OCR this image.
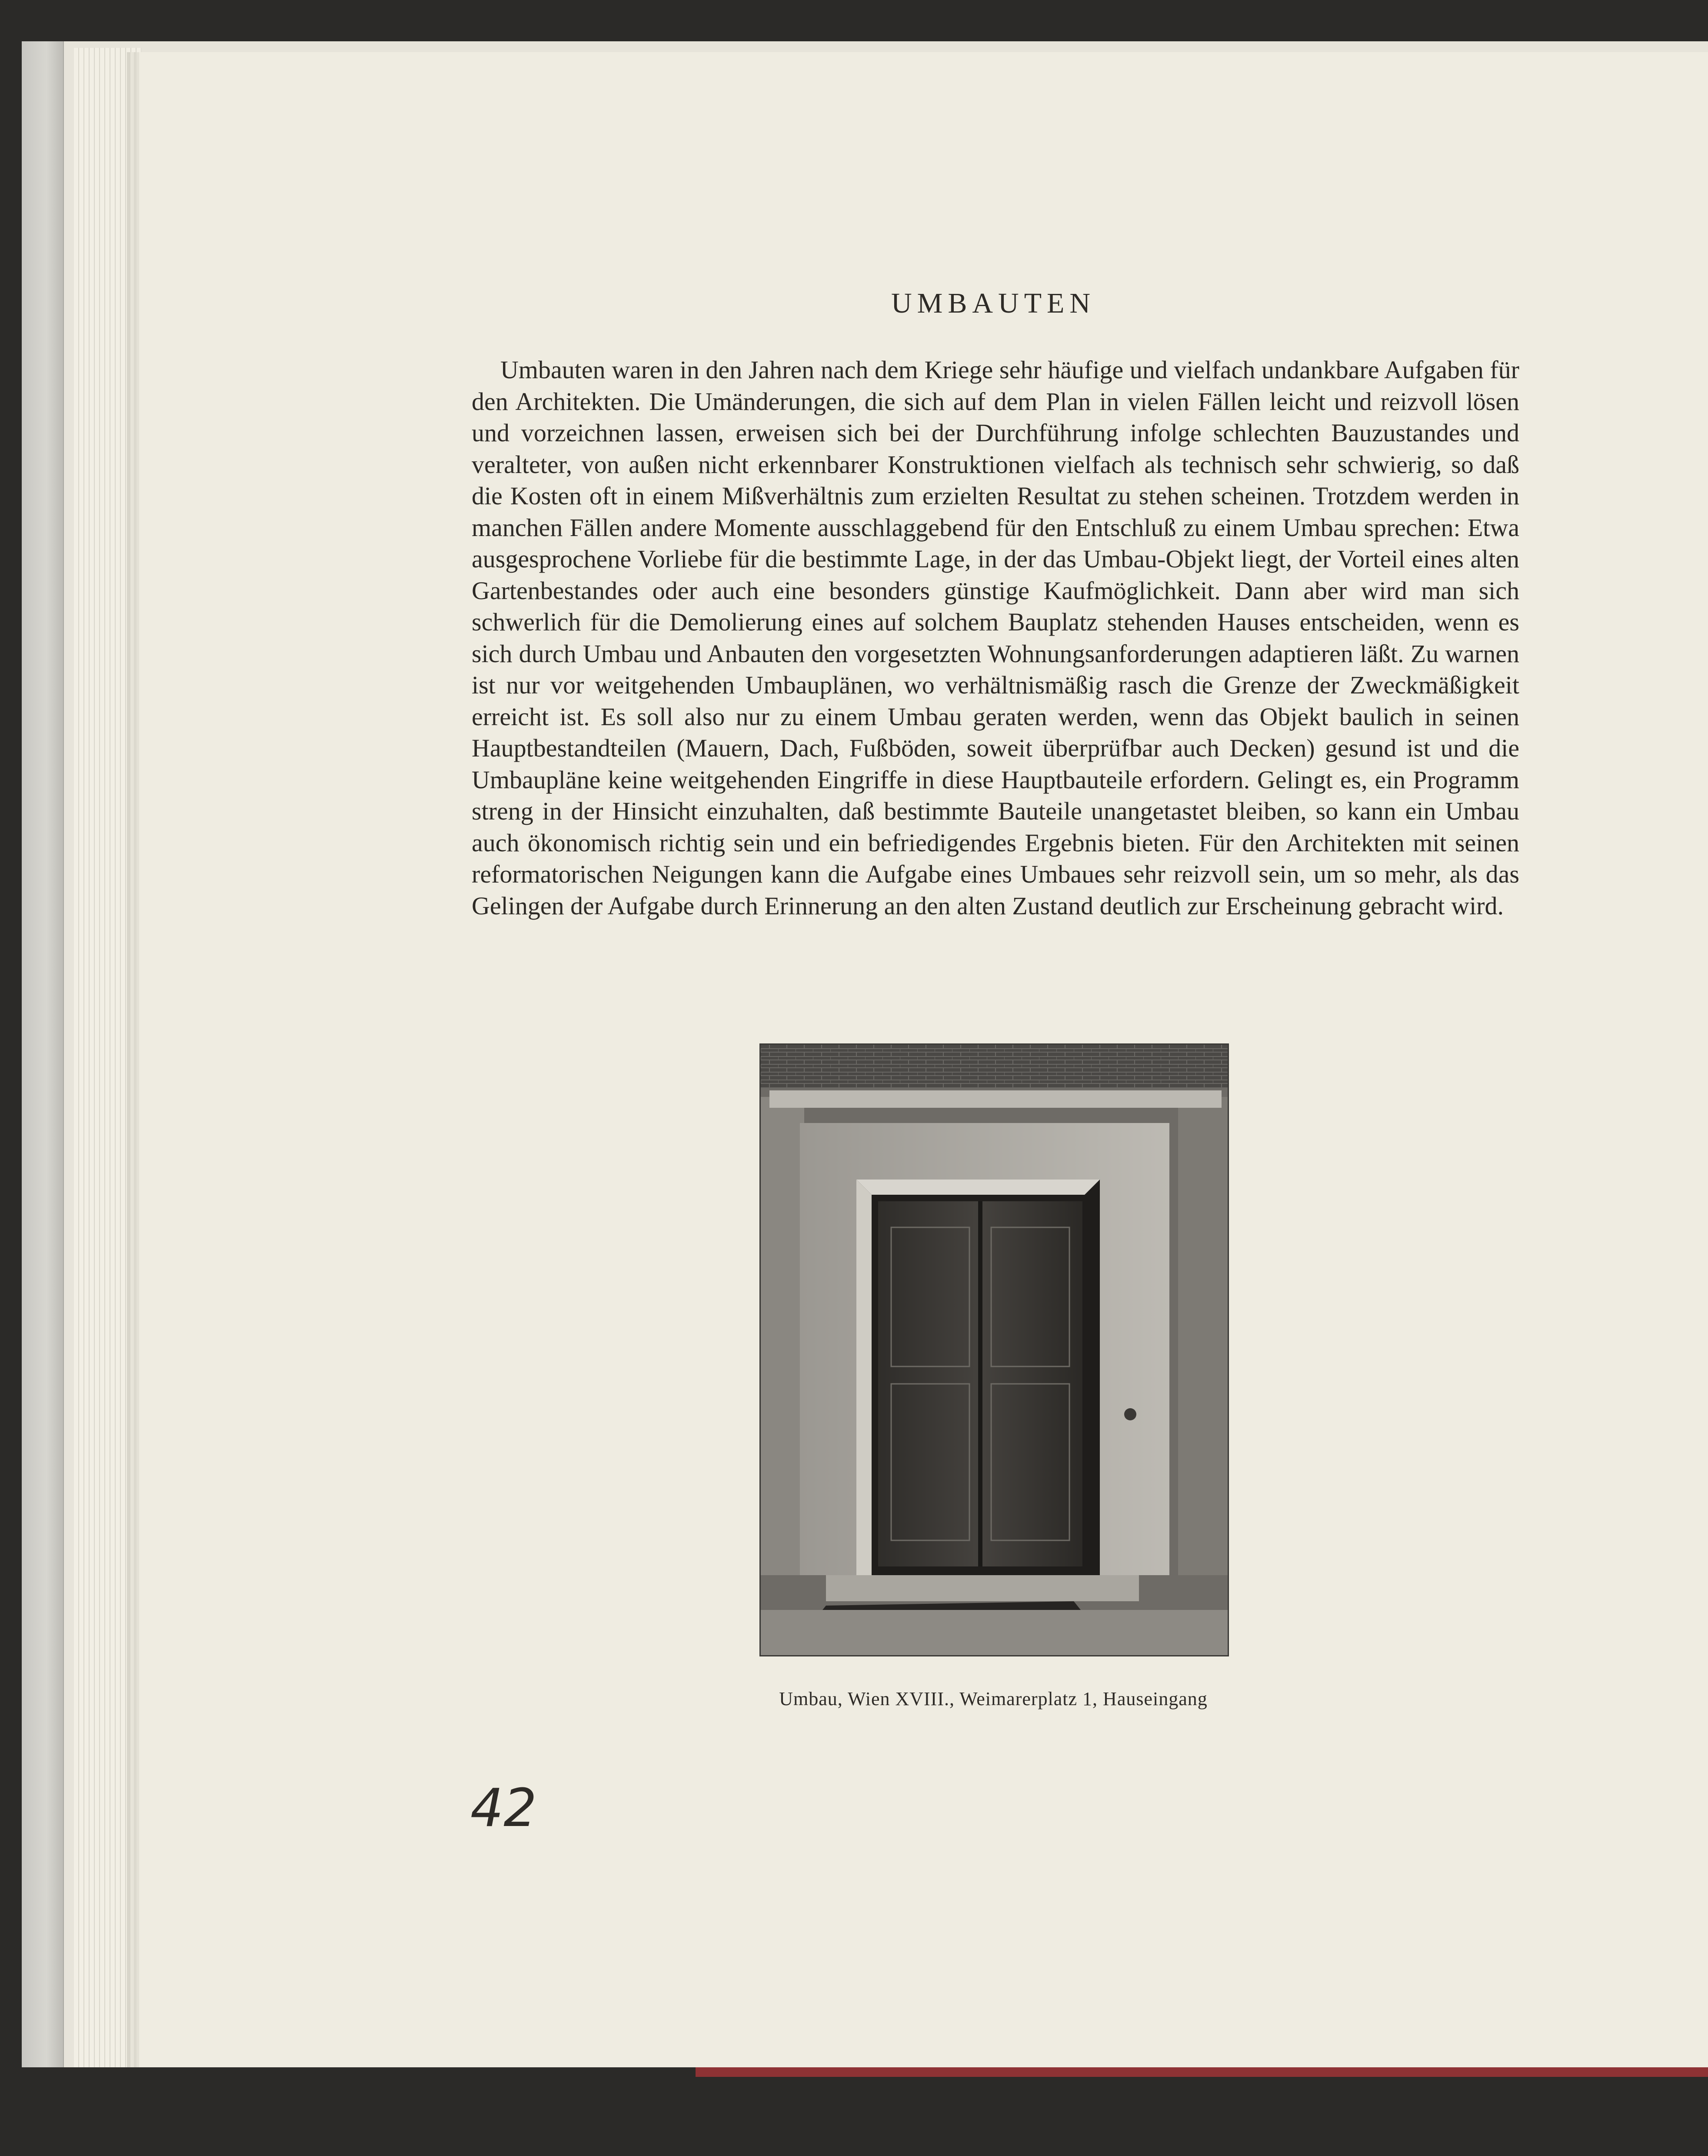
UMBAUTEN

Umbauten waren in den Jahren nach dem Kriege sehr häufige und vielfach undankbare Aufgaben für den Architekten. Die Umänderungen, die sich auf dem Plan in vielen Fällen leicht und reizvoll lösen und vorzeichnen lassen, erweisen sich bei der Durchführung infolge schlechten Bauzustandes und veralteter, von außen nicht erkennbarer Konstruktionen vielfach als technisch sehr schwierig, so daß die Kosten oft in einem Mißverhältnis zum erzielten Resultat zu stehen scheinen. Trotzdem werden in manchen Fällen andere Momente ausschlaggebend für den Entschluß zu einem Umbau sprechen: Etwa ausgesprochene Vorliebe für die bestimmte Lage, in der das Umbau-Objekt liegt, der Vorteil eines alten Gartenbestandes oder auch eine besonders günstige Kaufmöglichkeit. Dann aber wird man sich schwerlich für die Demolierung eines auf solchem Bauplatz stehenden Hauses entscheiden, wenn es sich durch Umbau und Anbauten den vorgesetzten Wohnungsanforderungen adaptieren läßt. Zu warnen ist nur vor weitgehenden Umbauplänen, wo verhältnismäßig rasch die Grenze der Zweckmäßigkeit erreicht ist. Es soll also nur zu einem Umbau geraten werden, wenn das Objekt baulich in seinen Hauptbestandteilen (Mauern, Dach, Fußböden, soweit überprüfbar auch Decken) gesund ist und die Umbaupläne keine weitgehenden Eingriffe in diese Hauptbauteile erfordern. Gelingt es, ein Programm streng in der Hinsicht einzuhalten, daß bestimmte Bauteile unangetastet bleiben, so kann ein Umbau auch ökonomisch richtig sein und ein befriedigendes Ergebnis bieten. Für den Architekten mit seinen reformatorischen Neigungen kann die Aufgabe eines Umbaues sehr reizvoll sein, um so mehr, als das Gelingen der Aufgabe durch Erinnerung an den alten Zustand deutlich zur Erscheinung gebracht wird.

Umbau, Wien XVIII., Weimarerplatz 1, Hauseingang
42
